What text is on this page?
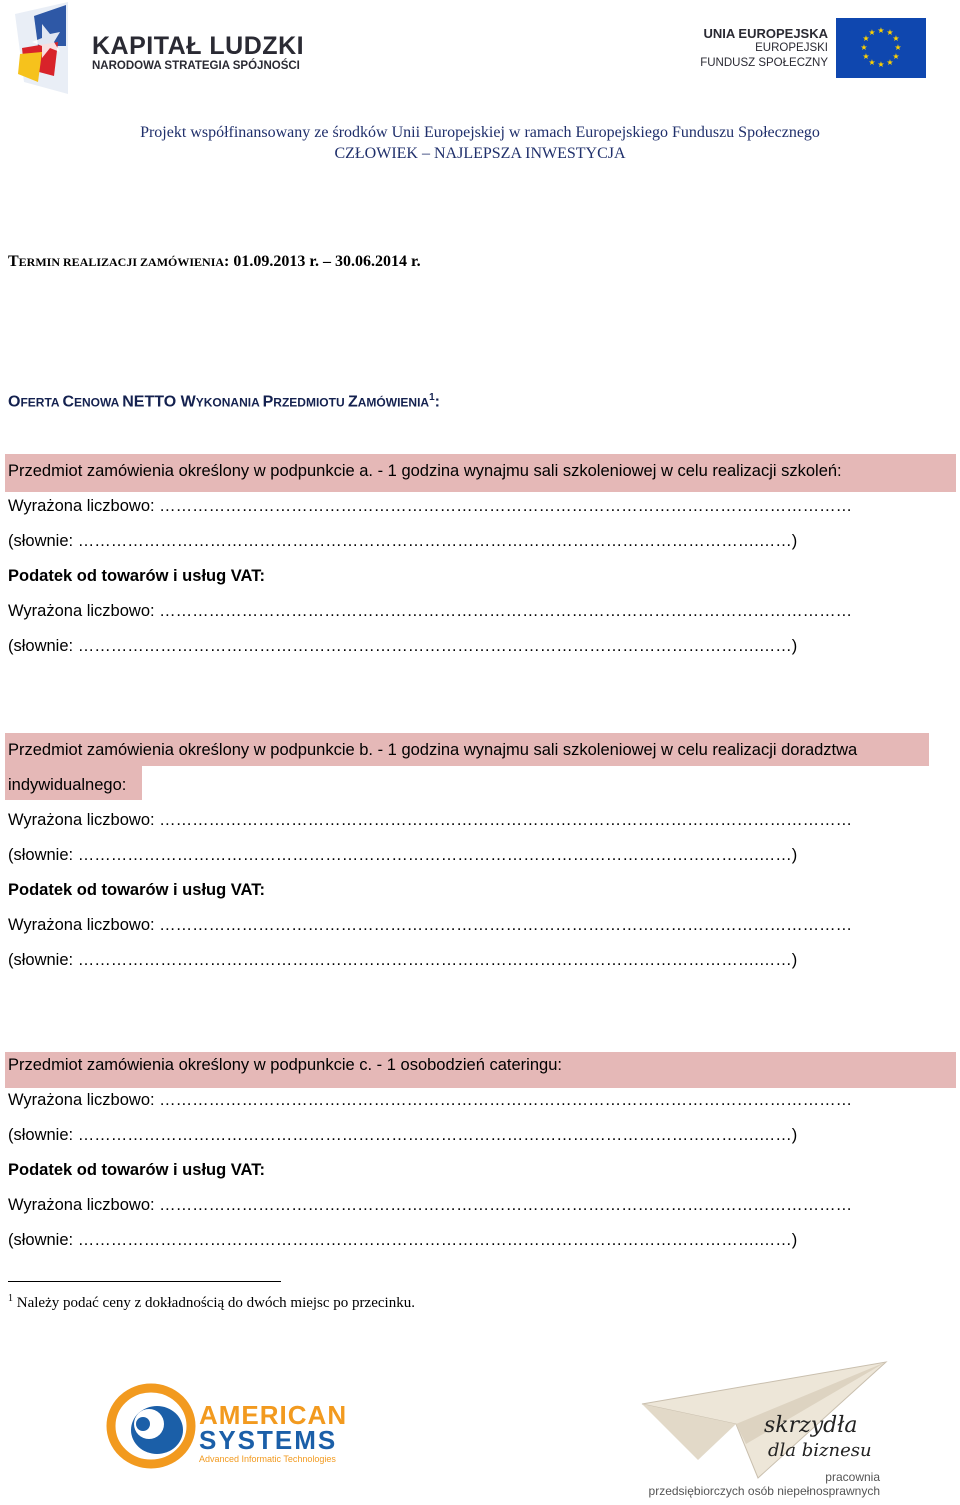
KAPITAŁ LUDZKI
NARODOWA STRATEGIA SPÓJNOŚCI
UNIA EUROPEJSKA
EUROPEJSKI
FUNDUSZ SPOŁECZNY
★ ★
★
★
★
★
★
★
★
★
★
★
Projekt współfinansowany ze środków Unii Europejskiej w ramach Europejskiego Funduszu Społecznego
CZŁOWIEK – NAJLEPSZA INWESTYCJA
TERMIN REALIZACJI ZAMÓWIENIA: 01.09.2013 r. – 30.06.2014 r.
OFERTA CENOWA NETTO WYKONANIA PRZEDMIOTU ZAMÓWIENIA$^1$:
Przedmiot zamówienia określony w podpunkcie a. - 1 godzina wynajmu sali szkoleniowej w celu realizacji szkoleń:
Wyrażona liczbowo: ………………………………………………………………………………………………………………
(słownie: …………………………………………………………………………………………………………….……)
Podatek od towarów i usług VAT:
Wyrażona liczbowo: ………………………………………………………………………………………………………………
(słownie: …………………………………………………………………………………………………………….……)
Przedmiot zamówienia określony w podpunkcie b. - 1 godzina wynajmu sali szkoleniowej w celu realizacji doradztwa
indywidualnego:
Wyrażona liczbowo: ………………………………………………………………………………………………………………
(słownie: …………………………………………………………………………………………………………….……)
Podatek od towarów i usług VAT:
Wyrażona liczbowo: ………………………………………………………………………………………………………………
(słownie: …………………………………………………………………………………………………………….……)
Przedmiot zamówienia określony w podpunkcie c. - 1 osobodzień cateringu:
Wyrażona liczbowo: ………………………………………………………………………………………………………………
(słownie: …………………………………………………………………………………………………………….……)
Podatek od towarów i usług VAT:
Wyrażona liczbowo: ………………………………………………………………………………………………………………
(słownie: …………………………………………………………………………………………………………….……)
$^1$ Należy podać ceny z dokładnością do dwóch miejsc po przecinku.
AMERICAN
SYSTEMS
Advanced Informatic Technologies
skrzydła
dla biznesu
pracownia
przedsiębiorczych osób niepełnosprawnych
